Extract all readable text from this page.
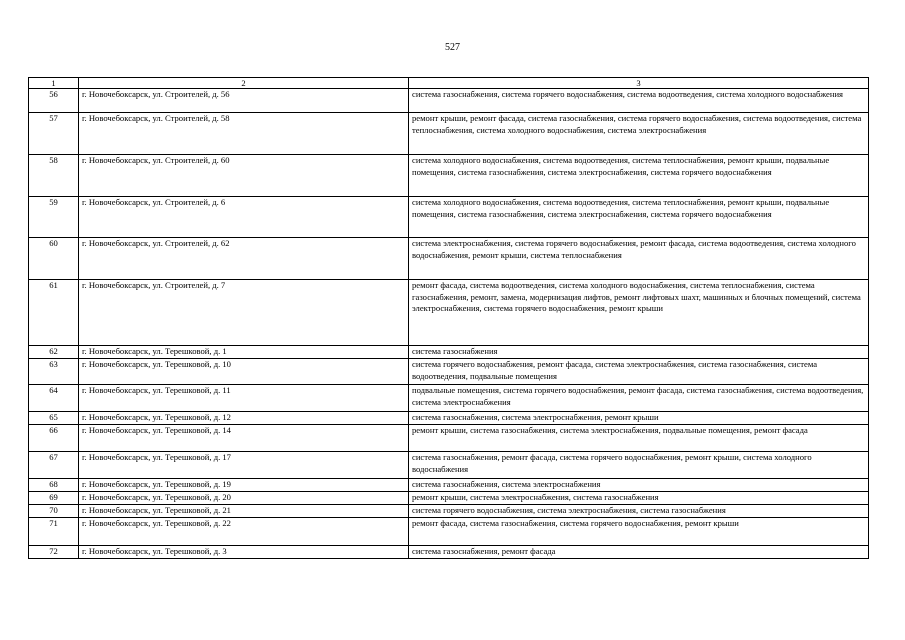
527
1	2	3
56	г. Новочебоксарск, ул. Строителей, д. 56	система газоснабжения, система горячего водоснабжения, система водоотведения, система холодного водоснабжения
57	г. Новочебоксарск, ул. Строителей, д. 58	ремонт крыши, ремонт фасада, система газоснабжения, система горячего водоснабжения, система водоотведения, система теплоснабжения, система холодного водоснабжения, система электроснабжения
58	г. Новочебоксарск, ул. Строителей, д. 60	система холодного водоснабжения, система водоотведения, система теплоснабжения, ремонт крыши, подвальные помещения, система газоснабжения, система электроснабжения, система горячего водоснабжения
59	г. Новочебоксарск, ул. Строителей, д. 6	система холодного водоснабжения, система водоотведения, система теплоснабжения, ремонт крыши, подвальные помещения, система газоснабжения, система электроснабжения, система горячего водоснабжения
60	г. Новочебоксарск, ул. Строителей, д. 62	система электроснабжения, система горячего водоснабжения, ремонт фасада, система водоотведения, система холодного водоснабжения, ремонт крыши, система теплоснабжения
61	г. Новочебоксарск, ул. Строителей, д. 7	ремонт фасада, система водоотведения, система холодного водоснабжения, система теплоснабжения, система газоснабжения, ремонт, замена, модернизация лифтов, ремонт лифтовых шахт, машинных и блочных помещений, система электроснабжения, система горячего водоснабжения, ремонт крыши
62	г. Новочебоксарск, ул. Терешковой, д. 1	система газоснабжения
63	г. Новочебоксарск, ул. Терешковой, д. 10	система горячего водоснабжения, ремонт фасада, система электроснабжения, система газоснабжения, система водоотведения, подвальные помещения
64	г. Новочебоксарск, ул. Терешковой, д. 11	подвальные помещения, система горячего водоснабжения, ремонт фасада, система газоснабжения, система водоотведения, система электроснабжения
65	г. Новочебоксарск, ул. Терешковой, д. 12	система газоснабжения, система электроснабжения, ремонт крыши
66	г. Новочебоксарск, ул. Терешковой, д. 14	ремонт крыши, система газоснабжения, система электроснабжения, подвальные помещения, ремонт фасада
67	г. Новочебоксарск, ул. Терешковой, д. 17	система газоснабжения, ремонт фасада, система горячего водоснабжения, ремонт крыши, система холодного водоснабжения
68	г. Новочебоксарск, ул. Терешковой, д. 19	система газоснабжения, система электроснабжения
69	г. Новочебоксарск, ул. Терешковой, д. 20	ремонт крыши, система электроснабжения, система газоснабжения
70	г. Новочебоксарск, ул. Терешковой, д. 21	система горячего водоснабжения, система электроснабжения, система газоснабжения
71	г. Новочебоксарск, ул. Терешковой, д. 22	ремонт фасада, система газоснабжения, система горячего водоснабжения, ремонт крыши
72	г. Новочебоксарск, ул. Терешковой, д. 3	система газоснабжения, ремонт фасада
